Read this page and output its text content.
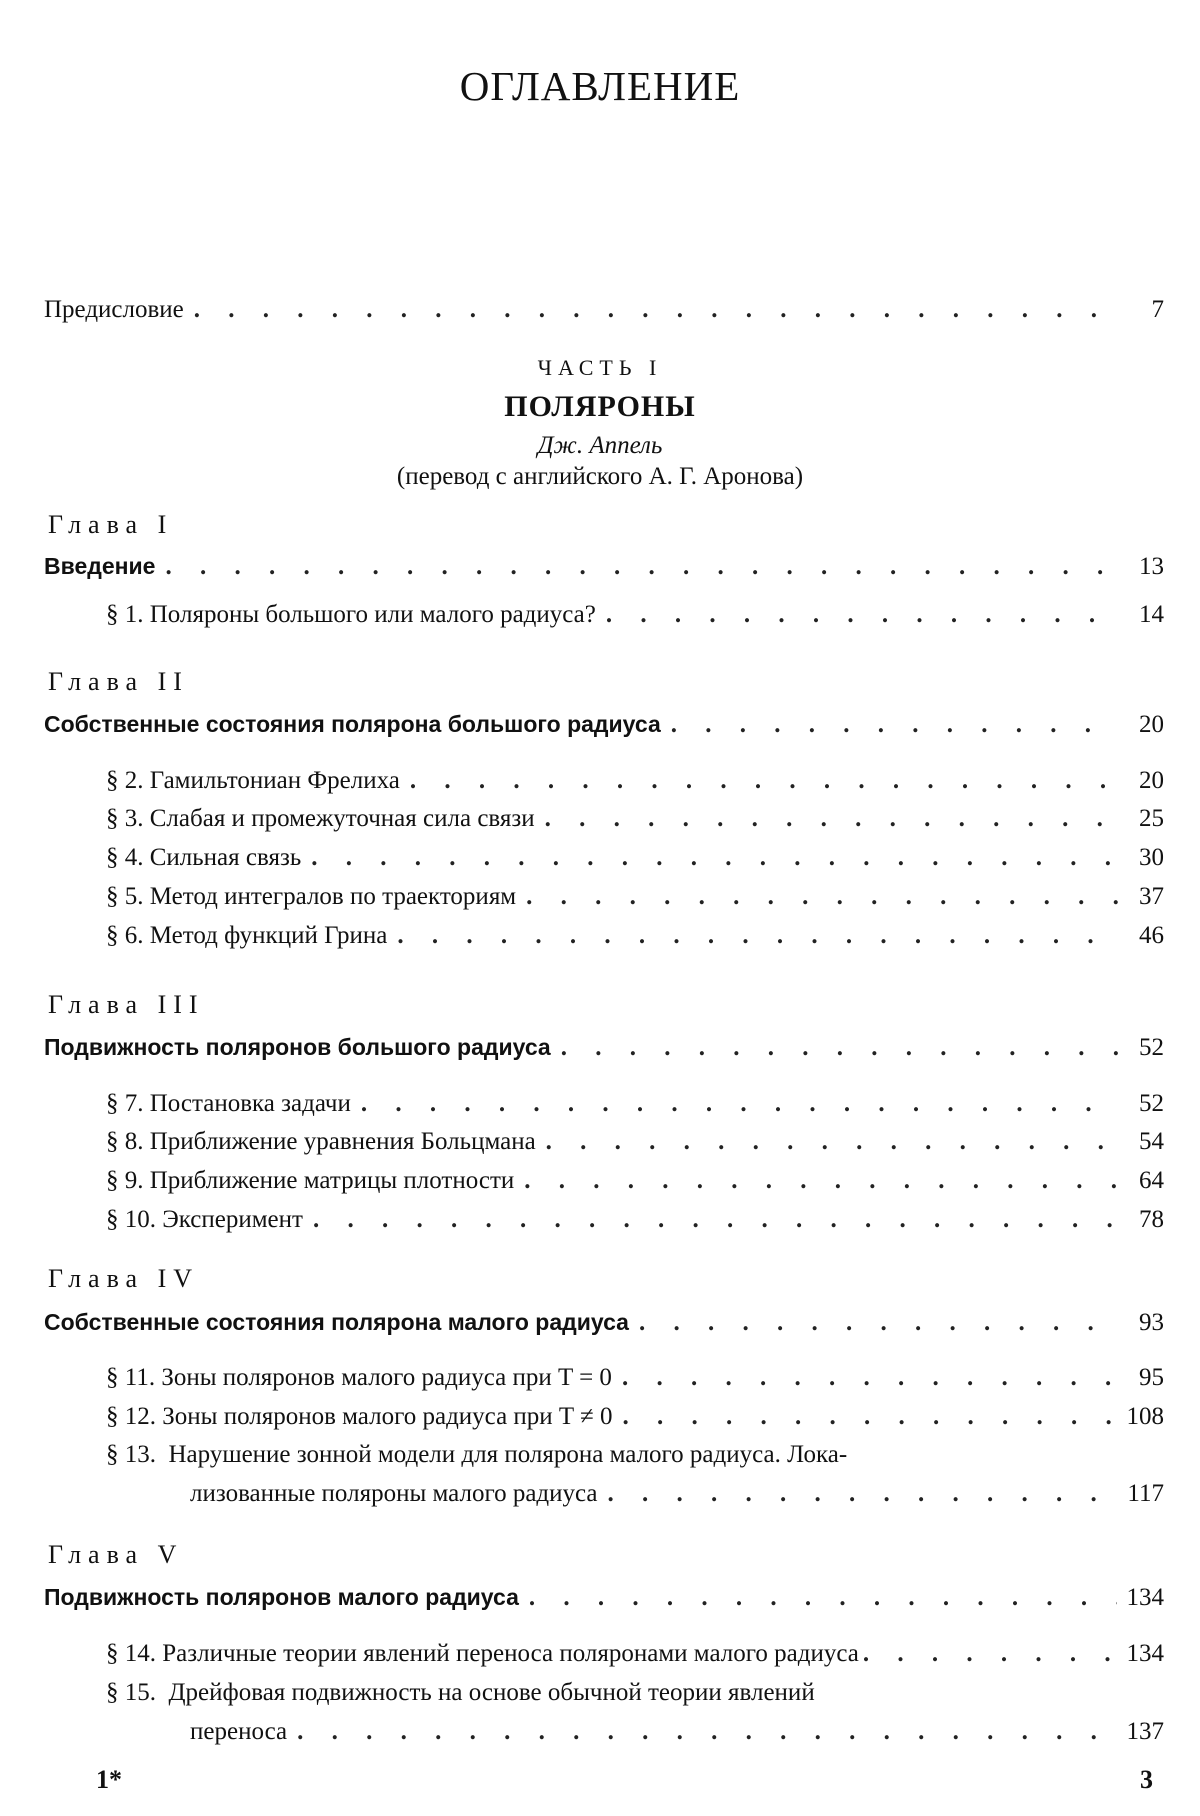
ОГЛАВЛЕНИЕ
Предисловие . . .	7
ЧАСТЬ I
ПОЛЯРОНЫ
Дж. Аппель
(перевод с английского А. Г. Аронова)
Глава I
Введение . . .	13
§ 1.
Поляроны большого или малого радиуса? . . .	14
Глава II
Собственные состояния полярона большого радиуса . . .	20
§ 2.
Гамильтониан Фрелиха . . .	20
§ 3.
Слабая и промежуточная сила связи . . .	25
§ 4.
Сильная связь . . .	30
§ 5.
Метод интегралов по траекториям . . .	37
§ 6.
Метод функций Грина . . .	46
Глава III
Подвижность поляронов большого радиуса . . .	52
§ 7.
Постановка задачи . . .	52
§ 8.
Приближение уравнения Больцмана . . .	54
§ 9.
Приближение матрицы плотности . . .	64
§ 10.
Эксперимент . . .	78
Глава IV
Собственные состояния полярона малого радиуса . . .	93
§ 11.
Зоны поляронов малого радиуса при T = 0 . . .	95
§ 12.
Зоны поляронов малого радиуса при T ≠ 0 . . .	108
§ 13. Нарушение зонной модели для полярона малого радиуса. Лока-
лизованные поляроны малого радиуса . . .	117
Глава V
Подвижность поляронов малого радиуса . . .	134
§ 14.
Различные теории явлений переноса поляронами малого радиуса . . .	134
§ 15. Дрейфовая подвижность на основе обычной теории явлений
переноса . . .	137
1*	3
